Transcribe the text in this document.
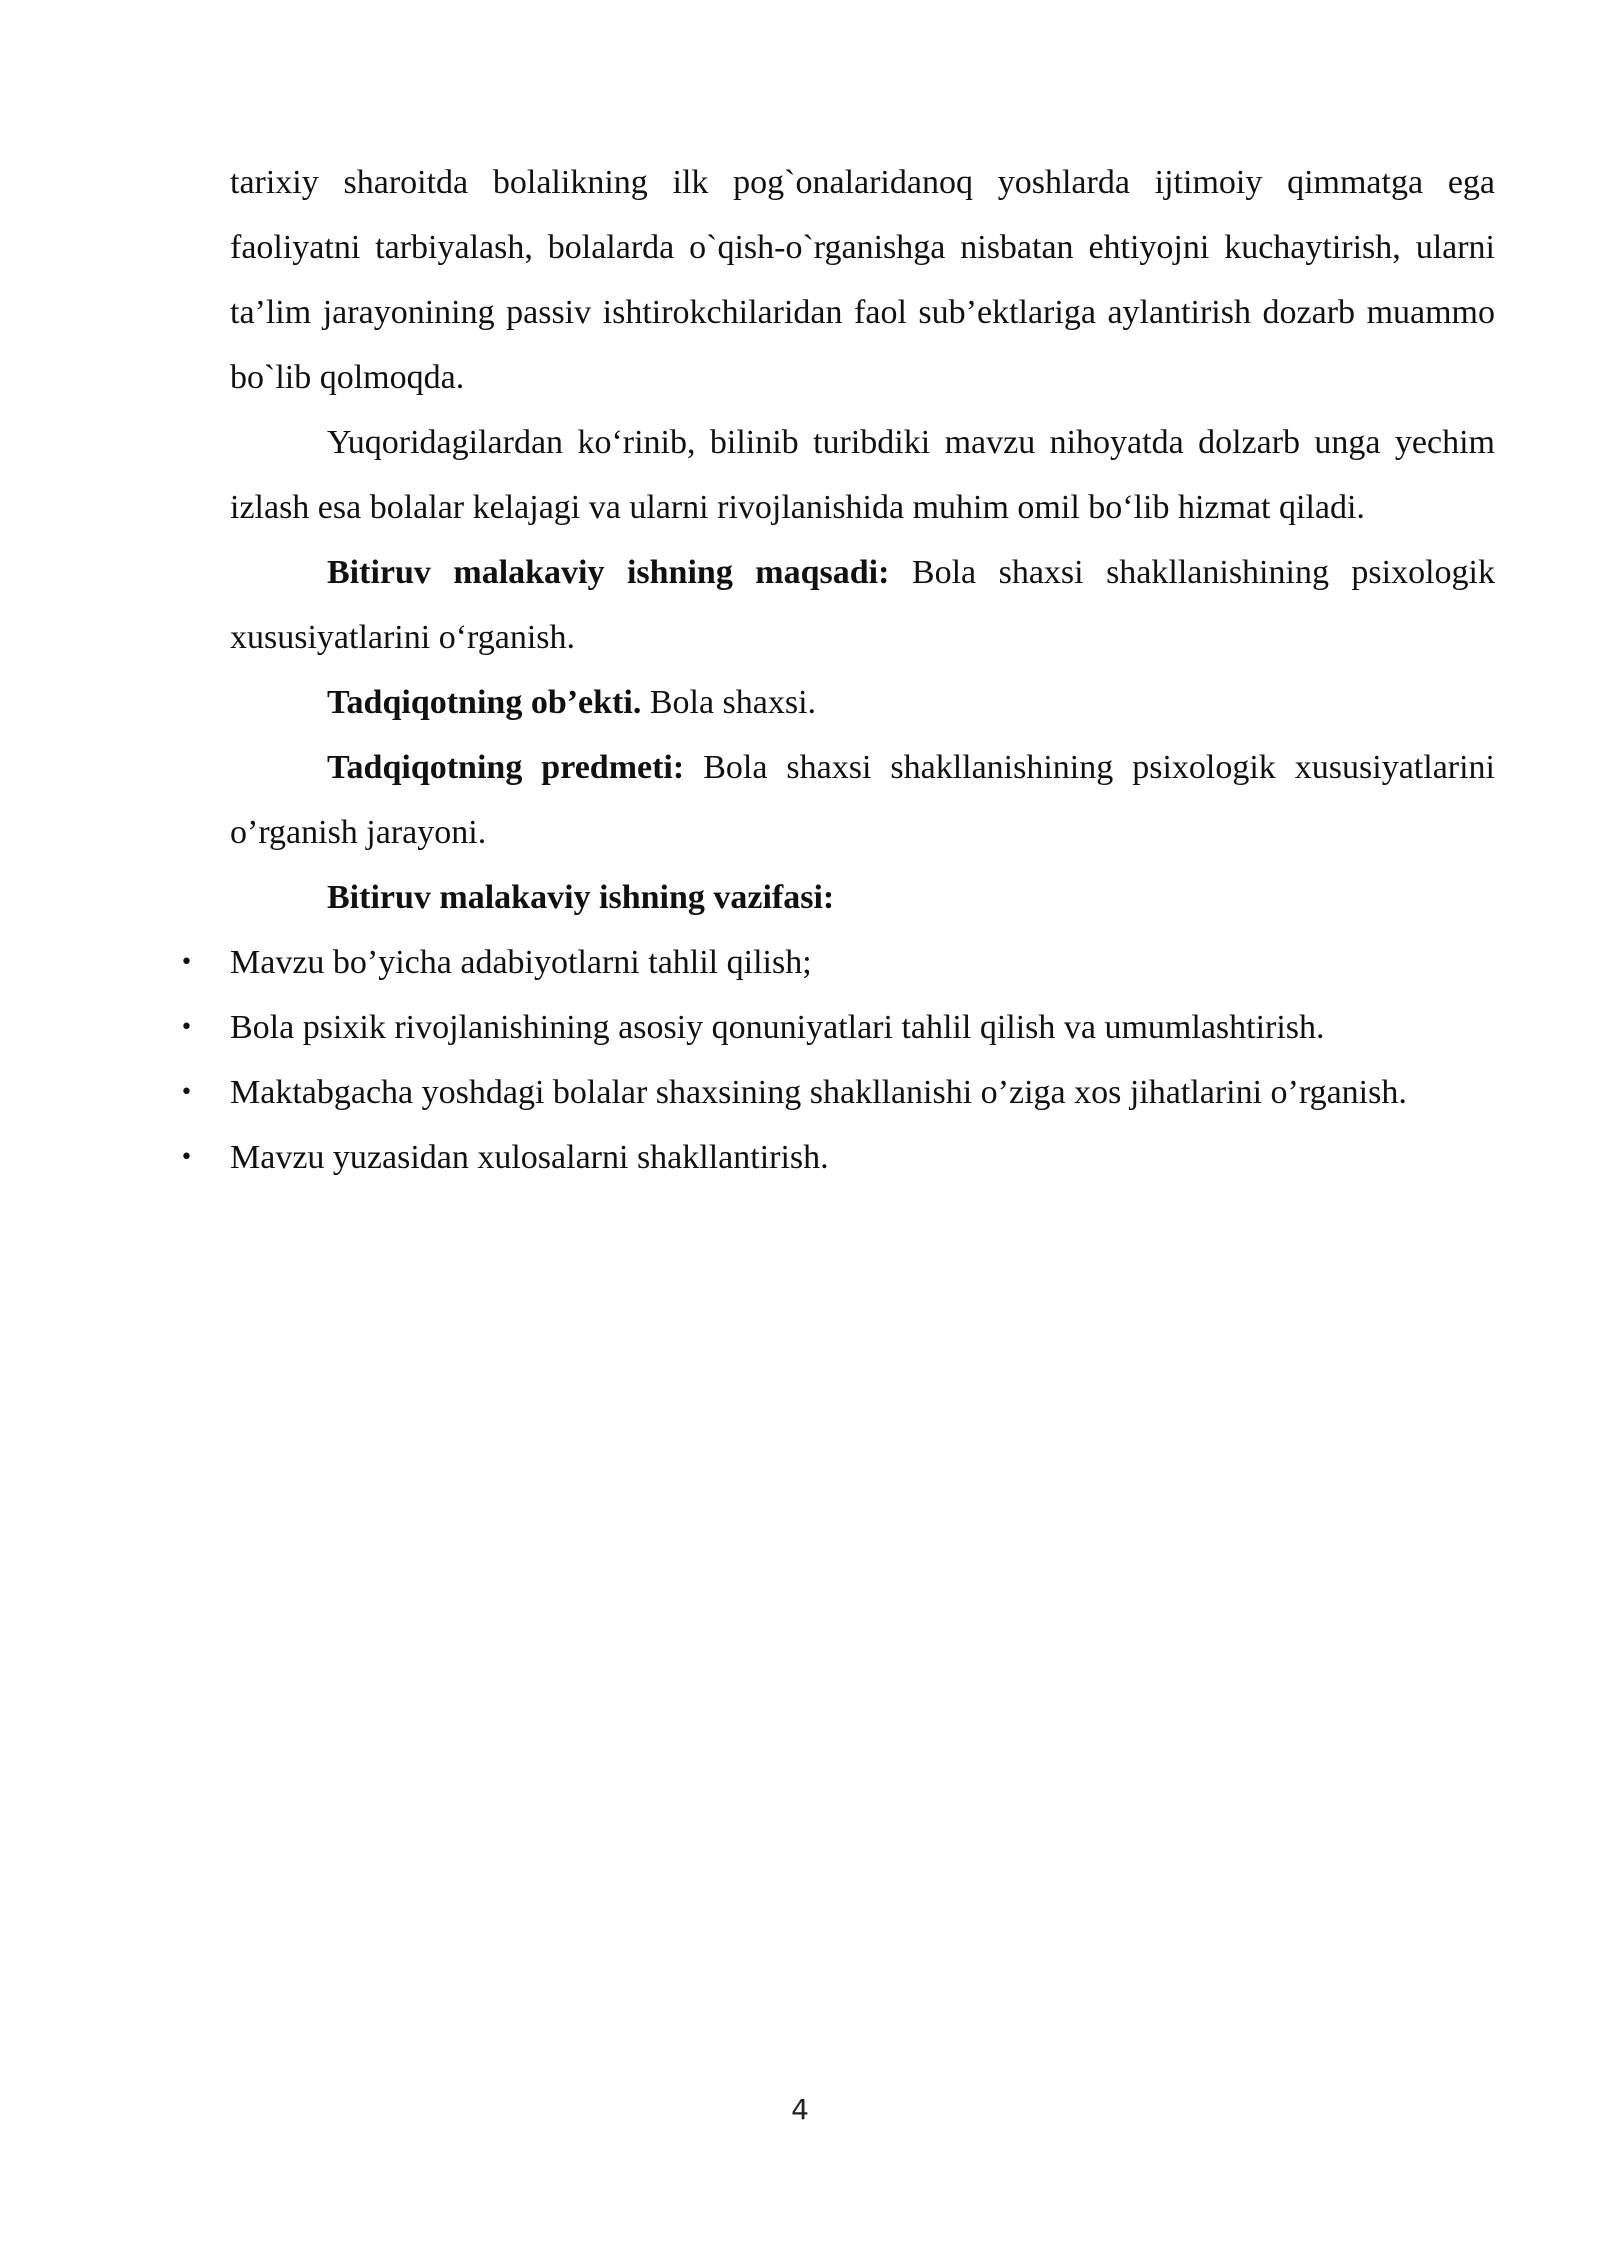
tarixiy sharoitda bolalikning ilk pog`onalaridanoq yoshlarda ijtimoiy qimmatga ega faoliyatni tarbiyalash, bolalarda o`qish-o`rganishga nisbatan ehtiyojni kuchaytirish, ularni ta’lim jarayonining passiv ishtirokchilaridan faol sub’ektlariga aylantirish dozarb muammo bo`lib qolmoqda.

Yuqoridagilardan ko‘rinib, bilinib turibdiki mavzu nihoyatda dolzarb unga yechim izlash esa bolalar kelajagi va ularni rivojlanishida muhim omil bo‘lib hizmat qiladi.

Bitiruv malakaviy ishning maqsadi: Bola shaxsi shakllanishining psixologik xususiyatlarini o‘rganish.

Tadqiqotning ob’ekti. Bola shaxsi.

Tadqiqotning predmeti: Bola shaxsi shakllanishining psixologik xususiyatlarini o’rganish jarayoni.

Bitiruv malakaviy ishning vazifasi:

• Mavzu bo’yicha adabiyotlarni tahlil qilish;
• Bola psixik rivojlanishining asosiy qonuniyatlari tahlil qilish va umumlashtirish.
• Maktabgacha yoshdagi bolalar shaxsining shakllanishi o’ziga xos jihatlarini o’rganish.
• Mavzu yuzasidan xulosalarni shakllantirish.
4
